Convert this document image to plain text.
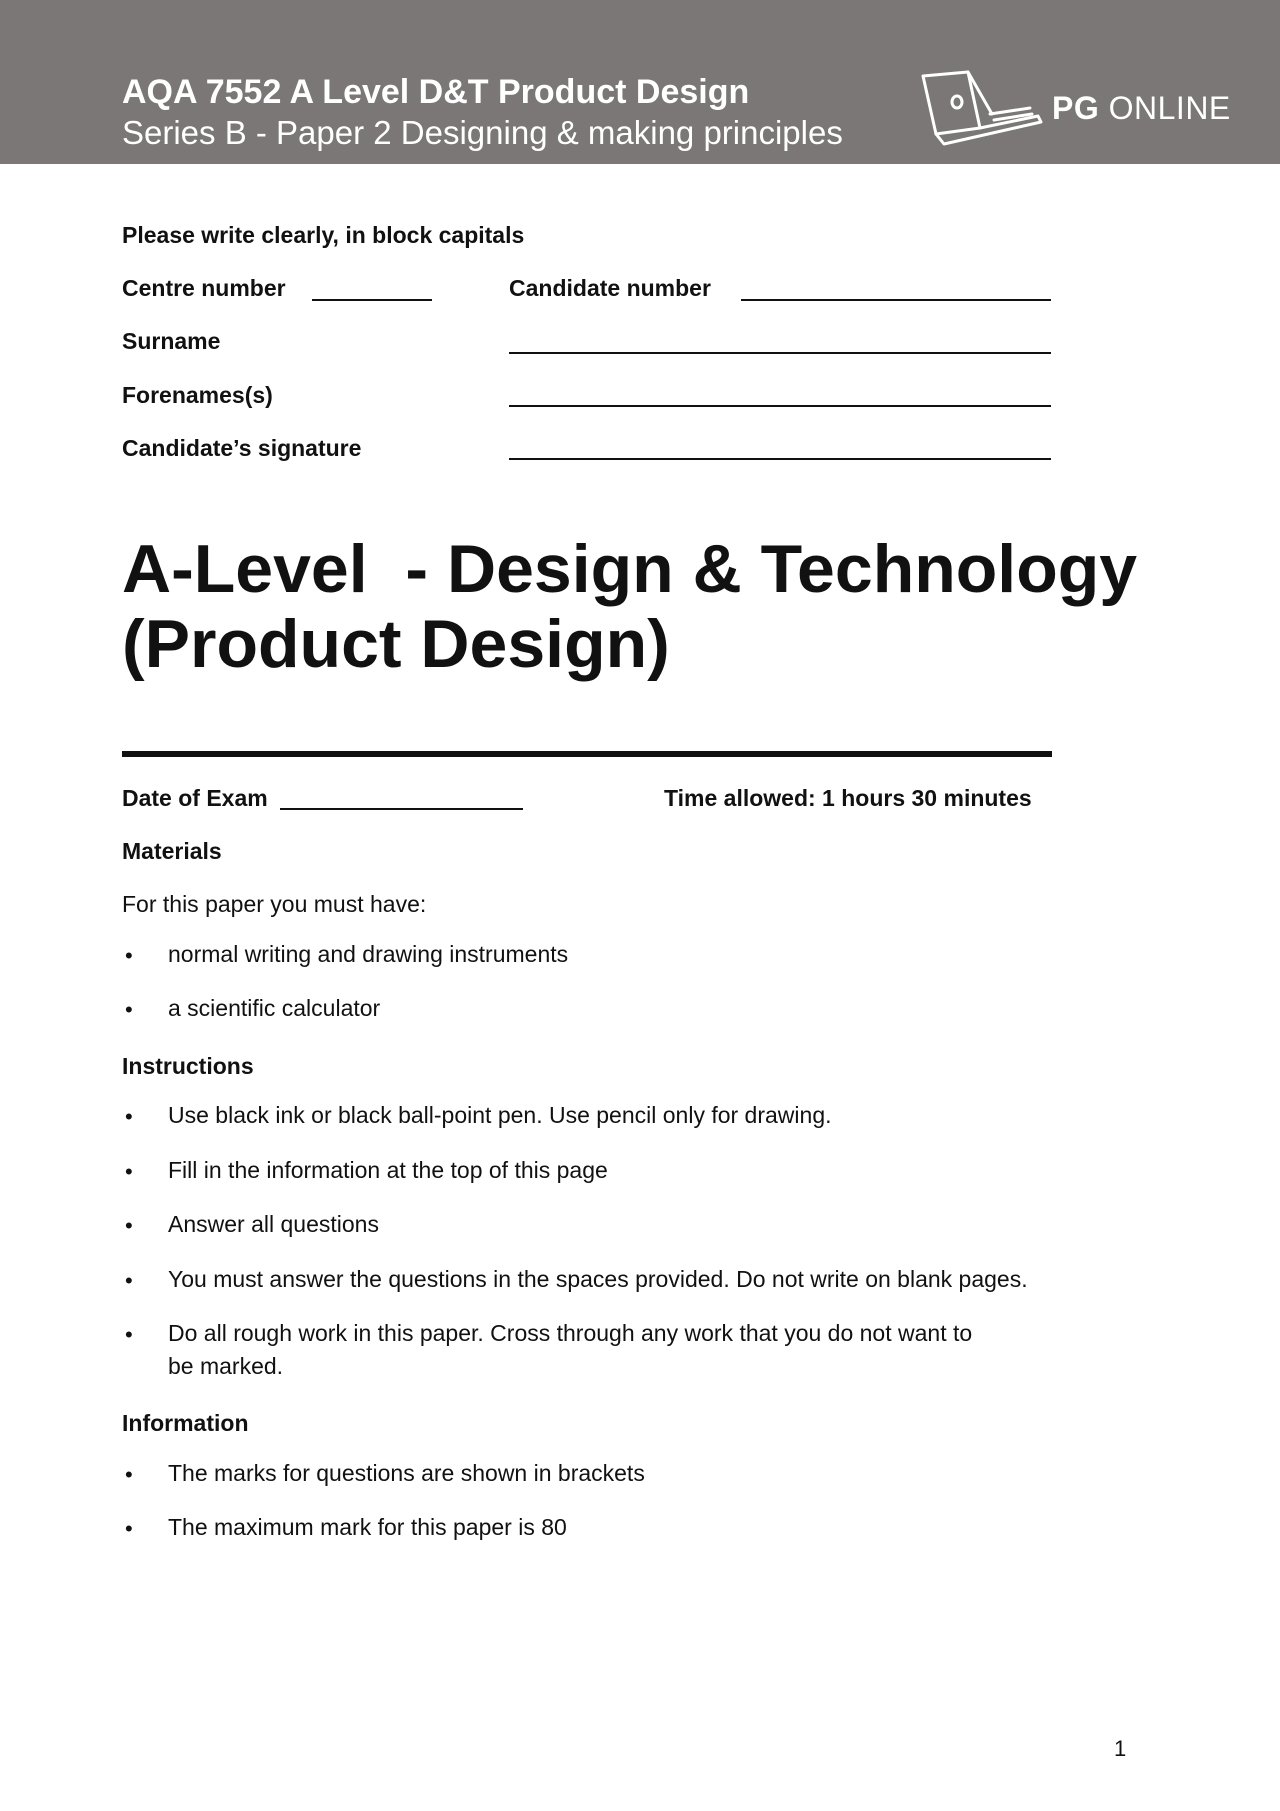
AQA 7552 A Level D&T Product Design
Series B - Paper 2 Designing & making principles
PG ONLINE
Please write clearly, in block capitals
Centre number	Candidate number
Surname
Forenames(s)
Candidate’s signature
A-Level  - Design & Technology
(Product Design)
Date of Exam	Time allowed: 1 hours 30 minutes
Materials
For this paper you must have:
• normal writing and drawing instruments
• a scientific calculator
Instructions
• Use black ink or black ball-point pen. Use pencil only for drawing.
• Fill in the information at the top of this page
• Answer all questions
• You must answer the questions in the spaces provided. Do not write on blank pages.
• Do all rough work in this paper. Cross through any work that you do not want to
be marked.
Information
• The marks for questions are shown in brackets
• The maximum mark for this paper is 80
1
